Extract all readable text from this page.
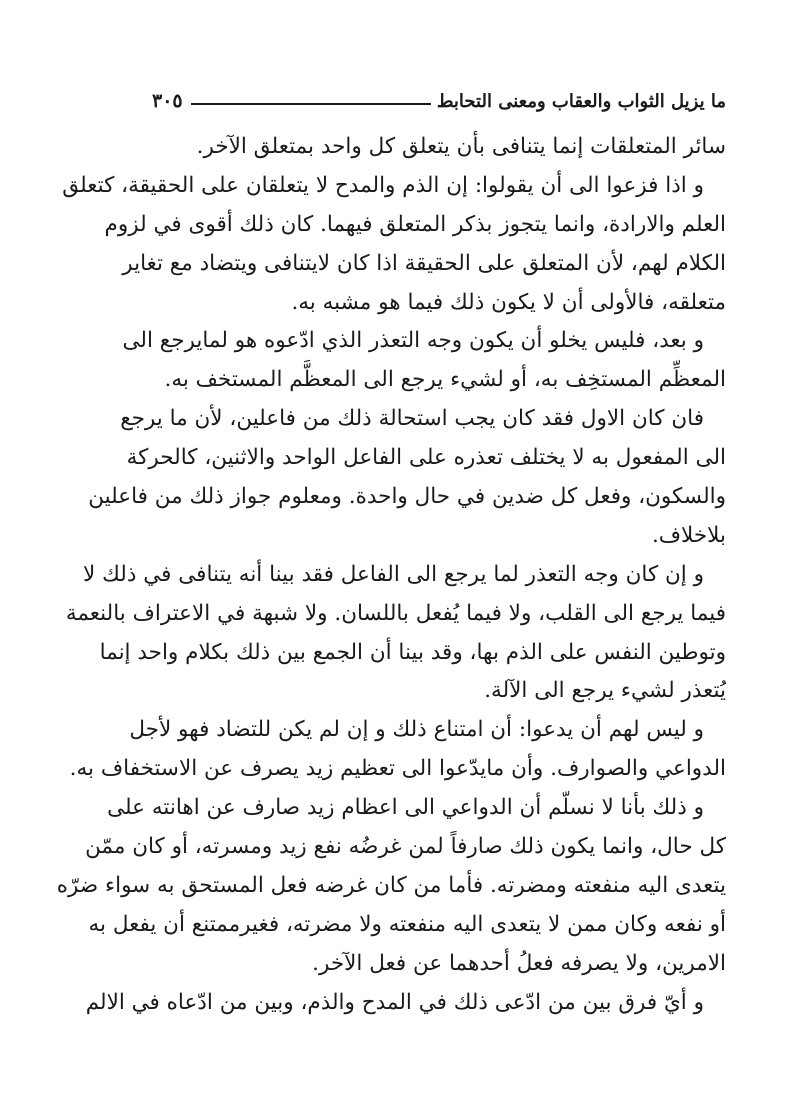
ما يزيل الثواب والعقاب ومعنى التحابط
٣٠٥
سائر المتعلقات إنما يتنافى بأن يتعلق كل واحد بمتعلق الآخر.
و اذا فزعوا الى أن يقولوا: إن الذم والمدح لا يتعلقان على الحقيقة، كتعلق
العلم والارادة، وانما يتجوز بذكر المتعلق فيهما. كان ذلك أقوى في لزوم
الكلام لهم، لأن المتعلق على الحقيقة اذا كان لايتنافى ويتضاد مع تغاير
متعلقه، فالأولى أن لا يكون ذلك فيما هو مشبه به.
و بعد، فليس يخلو أن يكون وجه التعذر الذي ادّعوه هو لمايرجع الى
المعظِّم المستخِف به، أو لشيء يرجع الى المعظَّم المستخف به.
فان كان الاول فقد كان يجب استحالة ذلك من فاعلين، لأن ما يرجع
الى المفعول به لا يختلف تعذره على الفاعل الواحد والاثنين، كالحركة
والسكون، وفعل كل ضدين في حال واحدة. ومعلوم جواز ذلك من فاعلين
بلاخلاف.
و إن كان وجه التعذر لما يرجع الى الفاعل فقد بينا أنه يتنافى في ذلك لا
فيما يرجع الى القلب، ولا فيما يُفعل باللسان. ولا شبهة في الاعتراف بالنعمة
وتوطين النفس على الذم بها، وقد بينا أن الجمع بين ذلك بكلام واحد إنما
يُتعذر لشيء يرجع الى الآلة.
و ليس لهم أن يدعوا: أن امتناع ذلك و إن لم يكن للتضاد فهو لأجل
الدواعي والصوارف. وأن مايدّعوا الى تعظيم زيد يصرف عن الاستخفاف به.
و ذلك بأنا لا نسلّم أن الدواعي الى اعظام زيد صارف عن اهانته على
كل حال، وانما يكون ذلك صارفاً لمن غرضُه نفع زيد ومسرته، أو كان ممّن
يتعدى اليه منفعته ومضرته. فأما من كان غرضه فعل المستحق به سواء ضرّه
أو نفعه وكان ممن لا يتعدى اليه منفعته ولا مضرته، فغيرممتنع أن يفعل به
الامرين، ولا يصرفه فعلُ أحدهما عن فعل الآخر.
و أيّ فرق بين من ادّعى ذلك في المدح والذم، وبين من ادّعاه في الالم
